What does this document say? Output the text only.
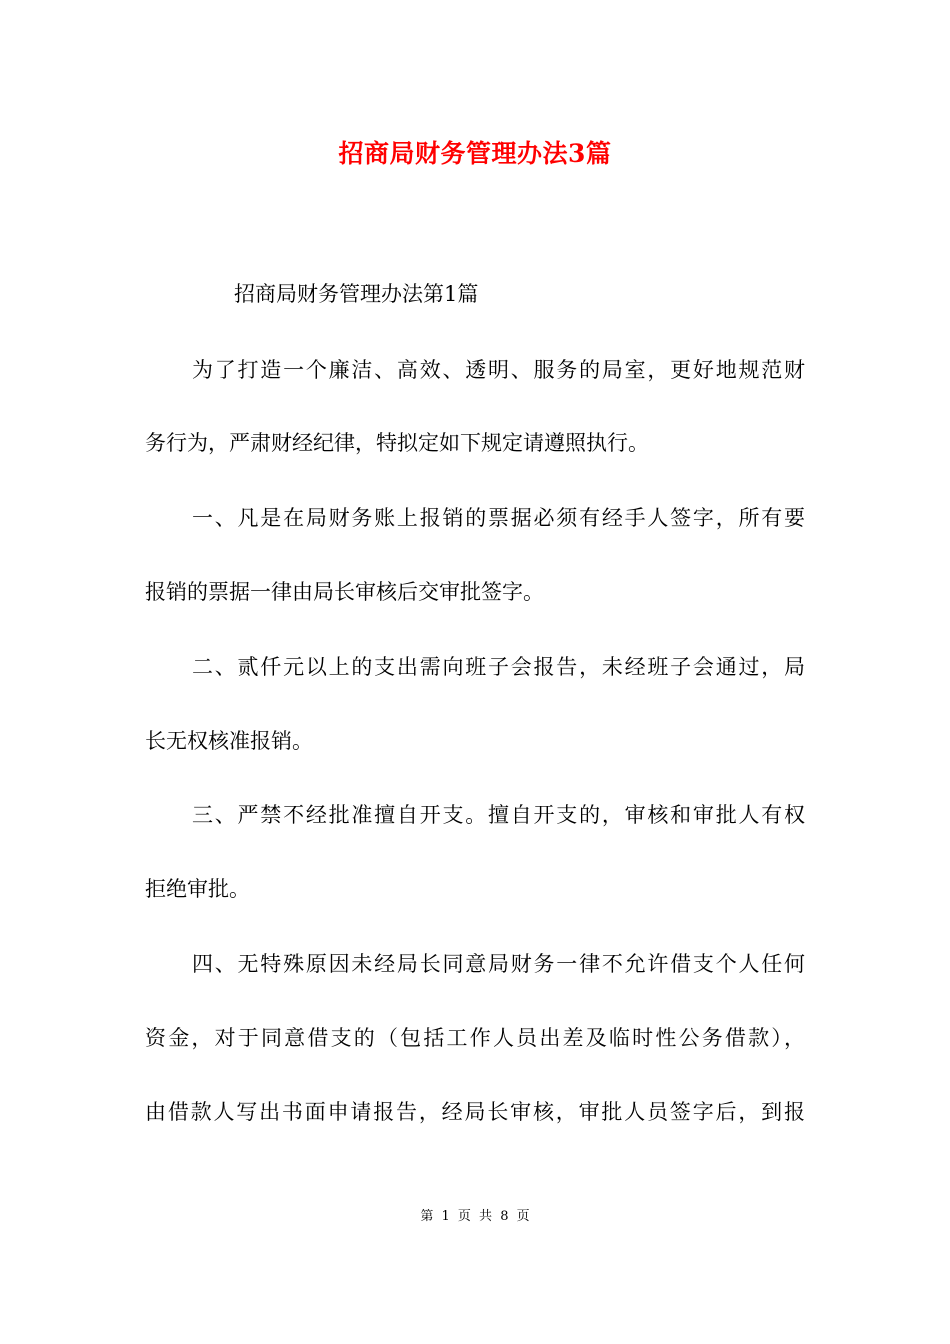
招商局财务管理办法3篇
招商局财务管理办法第1篇
为了打造一个廉洁、高效、透明、服务的局室，更好地规范财
务行为，严肃财经纪律，特拟定如下规定请遵照执行。
一、凡是在局财务账上报销的票据必须有经手人签字，所有要
报销的票据一律由局长审核后交审批签字。
二、贰仟元以上的支出需向班子会报告，未经班子会通过，局
长无权核准报销。
三、严禁不经批准擅自开支。擅自开支的，审核和审批人有权
拒绝审批。
四、无特殊原因未经局长同意局财务一律不允许借支个人任何
资金，对于同意借支的（包括工作人员出差及临时性公务借款），
由借款人写出书面申请报告，经局长审核，审批人员签字后，到报
第 1 页 共 8 页
